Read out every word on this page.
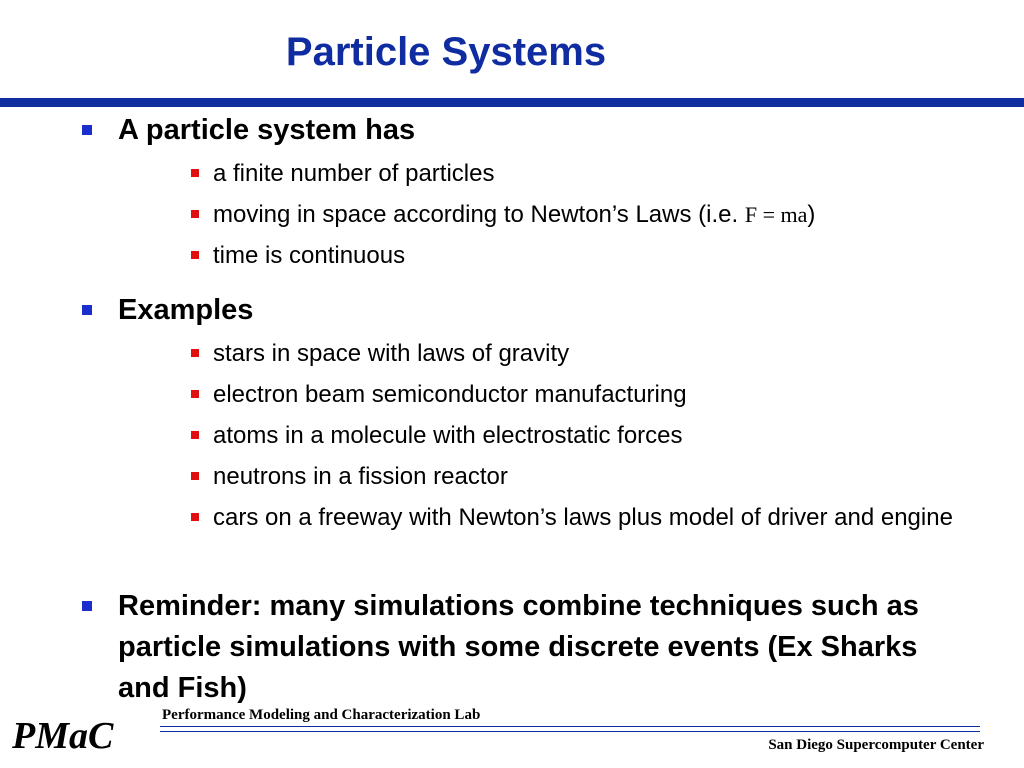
Particle Systems
A particle system has
a finite number of particles
moving in space according to Newton’s Laws (i.e. F = ma)
time is continuous
Examples
stars in space with laws of gravity
electron beam semiconductor manufacturing
atoms in a molecule with electrostatic forces
neutrons in a fission reactor
cars on a freeway with Newton’s laws plus model of driver and engine
Reminder: many simulations combine techniques such as particle simulations with some discrete events (Ex Sharks and Fish)
PMaC	Performance Modeling and Characterization Lab
San Diego Supercomputer Center
